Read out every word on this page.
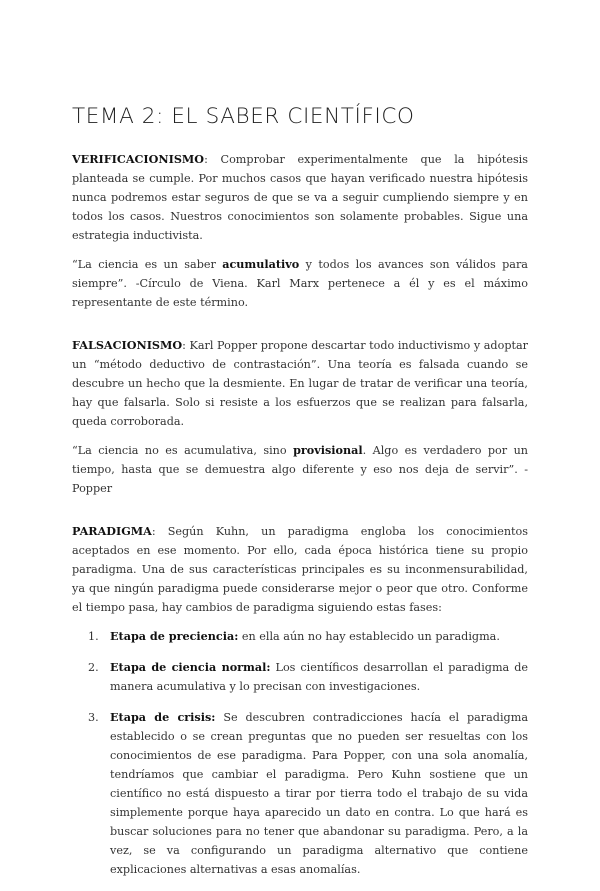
TEMA 2: EL SABER CIENTÍFICO

VERIFICACIONISMO: Comprobar experimentalmente que la hipótesis planteada se cumple. Por muchos casos que hayan verificado nuestra hipótesis nunca podremos estar seguros de que se va a seguir cumpliendo siempre y en todos los casos. Nuestros conocimientos son solamente probables. Sigue una estrategia inductivista.

“La ciencia es un saber acumulativo y todos los avances son válidos para siempre”. -Círculo de Viena. Karl Marx pertenece a él y es el máximo representante de este término.

FALSACIONISMO: Karl Popper propone descartar todo inductivismo y adoptar un “método deductivo de contrastación”. Una teoría es falsada cuando se descubre un hecho que la desmiente. En lugar de tratar de verificar una teoría, hay que falsarla. Solo si resiste a los esfuerzos que se realizan para falsarla, queda corroborada.

“La ciencia no es acumulativa, sino provisional. Algo es verdadero por un tiempo, hasta que se demuestra algo diferente y eso nos deja de servir”. -Popper

PARADIGMA: Según Kuhn, un paradigma engloba los conocimientos aceptados en ese momento. Por ello, cada época histórica tiene su propio paradigma. Una de sus características principales es su inconmensurabilidad, ya que ningún paradigma puede considerarse mejor o peor que otro. Conforme el tiempo pasa, hay cambios de paradigma siguiendo estas fases:

1. Etapa de preciencia: en ella aún no hay establecido un paradigma.
2. Etapa de ciencia normal: Los científicos desarrollan el paradigma de manera acumulativa y lo precisan con investigaciones.
3. Etapa de crisis: Se descubren contradicciones hacía el paradigma establecido o se crean preguntas que no pueden ser resueltas con los conocimientos de ese paradigma. Para Popper, con una sola anomalía, tendríamos que cambiar el paradigma. Pero Kuhn sostiene que un científico no está dispuesto a tirar por tierra todo el trabajo de su vida simplemente porque haya aparecido un dato en contra. Lo que hará es buscar soluciones para no tener que abandonar su paradigma. Pero, a la vez, se va configurando un paradigma alternativo que contiene explicaciones alternativas a esas anomalías.
